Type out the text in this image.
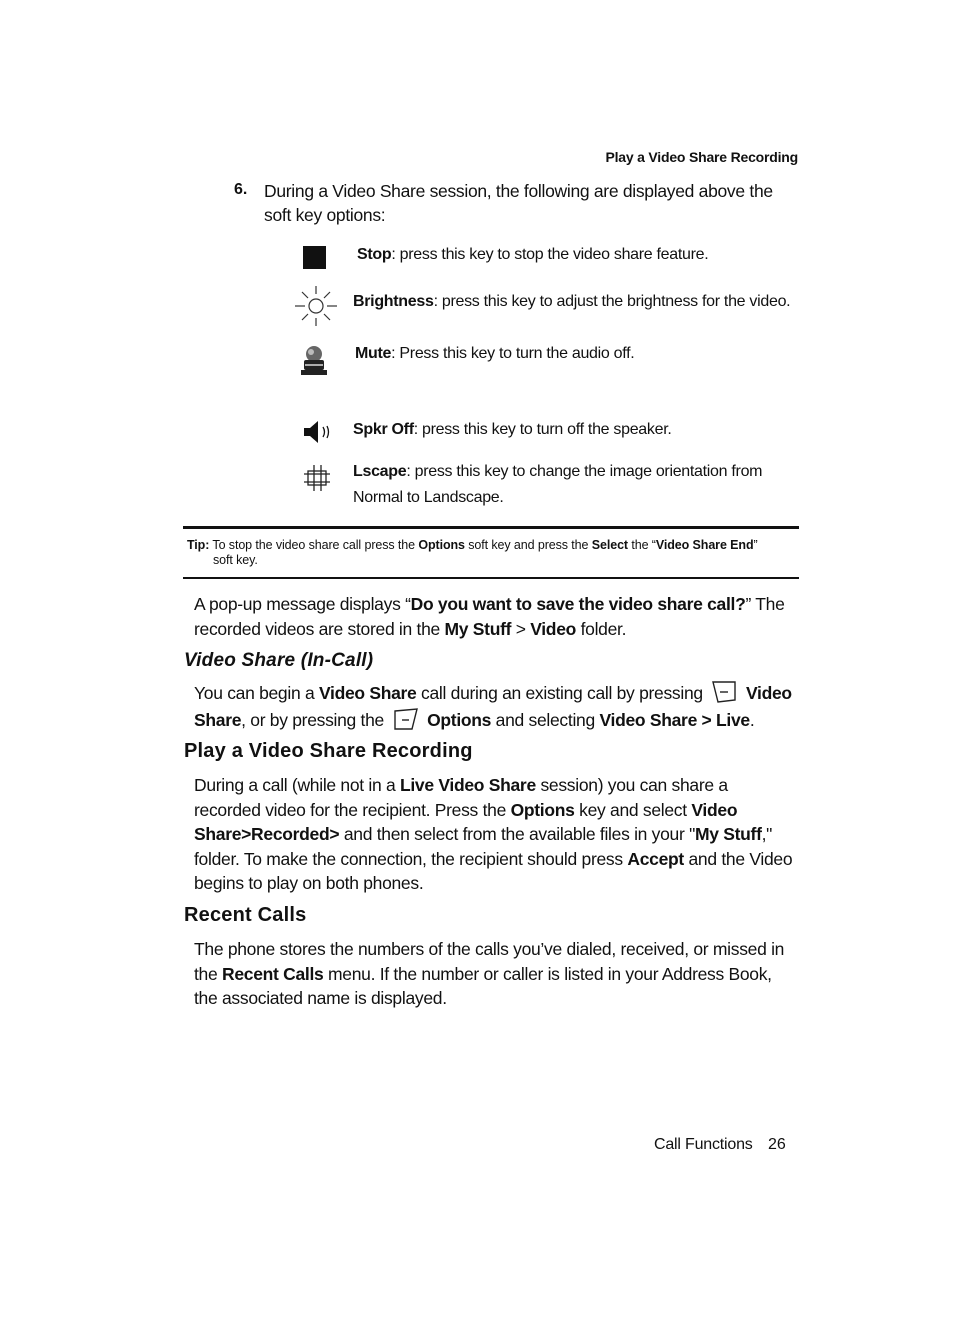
Play a Video Share Recording
6. During a Video Share session, the following are displayed above the soft key options:
Stop: press this key to stop the video share feature.
Brightness: press this key to adjust the brightness for the video.
Mute: Press this key to turn the audio off.
Spkr Off: press this key to turn off the speaker.
Lscape: press this key to change the image orientation from Normal to Landscape.
Tip: To stop the video share call press the Options soft key and press the Select the “Video Share End”
soft key.
A pop-up message displays “Do you want to save the video share call?” The recorded videos are stored in the My Stuff > Video folder.
Video Share (In-Call)
You can begin a Video Share call during an existing call by pressing Video Share, or by pressing the Options and selecting Video Share > Live.
Play a Video Share Recording
During a call (while not in a Live Video Share session) you can share a recorded video for the recipient. Press the Options key and select Video Share>Recorded> and then select from the available files in your "My Stuff," folder. To make the connection, the recipient should press Accept and the Video begins to play on both phones.
Recent Calls
The phone stores the numbers of the calls you’ve dialed, received, or missed in the Recent Calls menu. If the number or caller is listed in your Address Book, the associated name is displayed.
Call Functions 26
